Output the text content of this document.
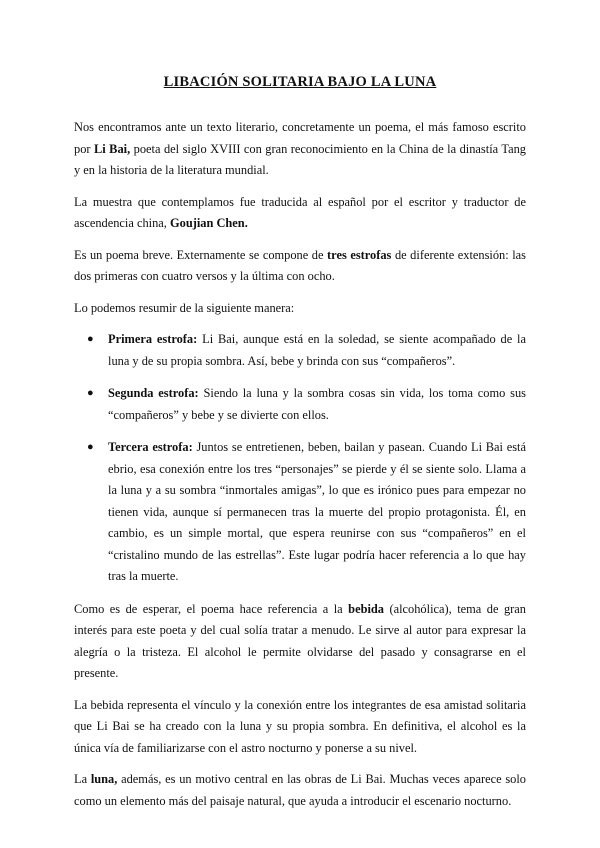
LIBACIÓN SOLITARIA BAJO LA LUNA

Nos encontramos ante un texto literario, concretamente un poema, el más famoso escrito por Li Bai, poeta del siglo XVIII con gran reconocimiento en la China de la dinastía Tang y en la historia de la literatura mundial.

La muestra que contemplamos fue traducida al español por el escritor y traductor de ascendencia china, Goujian Chen.

Es un poema breve. Externamente se compone de tres estrofas de diferente extensión: las dos primeras con cuatro versos y la última con ocho.

Lo podemos resumir de la siguiente manera:

● Primera estrofa: Li Bai, aunque está en la soledad, se siente acompañado de la luna y de su propia sombra. Así, bebe y brinda con sus “compañeros”.
● Segunda estrofa: Siendo la luna y la sombra cosas sin vida, los toma como sus “compañeros” y bebe y se divierte con ellos.
● Tercera estrofa: Juntos se entretienen, beben, bailan y pasean. Cuando Li Bai está ebrio, esa conexión entre los tres “personajes” se pierde y él se siente solo. Llama a la luna y a su sombra “inmortales amigas”, lo que es irónico pues para empezar no tienen vida, aunque sí permanecen tras la muerte del propio protagonista. Él, en cambio, es un simple mortal, que espera reunirse con sus “compañeros” en el “cristalino mundo de las estrellas”. Este lugar podría hacer referencia a lo que hay tras la muerte.

Como es de esperar, el poema hace referencia a la bebida (alcohólica), tema de gran interés para este poeta y del cual solía tratar a menudo. Le sirve al autor para expresar la alegría o la tristeza. El alcohol le permite olvidarse del pasado y consagrarse en el presente.

La bebida representa el vínculo y la conexión entre los integrantes de esa amistad solitaria que Li Bai se ha creado con la luna y su propia sombra. En definitiva, el alcohol es la única vía de familiarizarse con el astro nocturno y ponerse a su nivel.

La luna, además, es un motivo central en las obras de Li Bai. Muchas veces aparece solo como un elemento más del paisaje natural, que ayuda a introducir el escenario nocturno.
